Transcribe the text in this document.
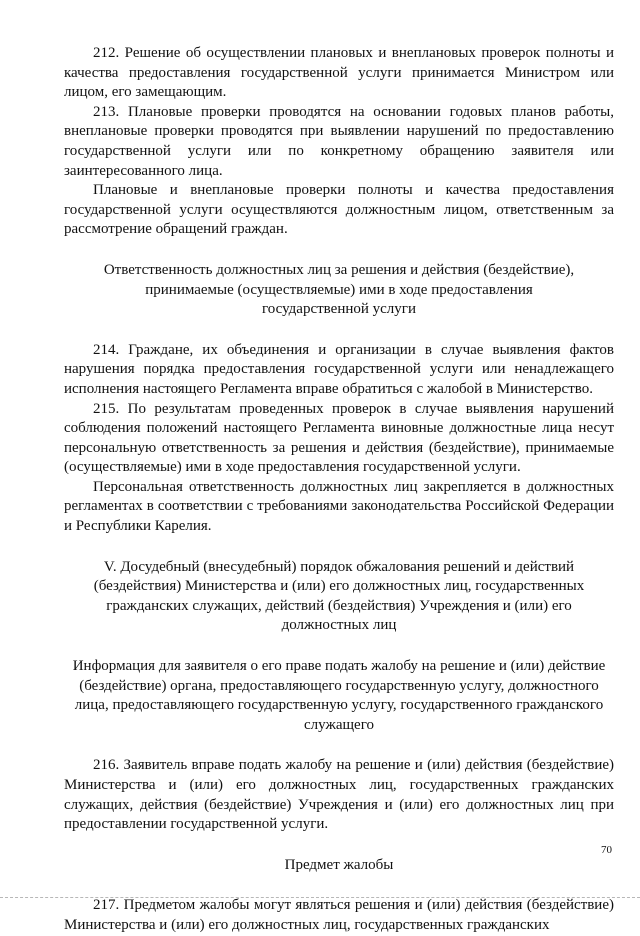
212. Решение об осуществлении плановых и внеплановых проверок полноты и качества предоставления государственной услуги принимается Министром или лицом, его замещающим.

213. Плановые проверки проводятся на основании годовых планов работы, внеплановые проверки проводятся при выявлении нарушений по предоставлению государственной услуги или по конкретному обращению заявителя или заинтересованного лица.

Плановые и внеплановые проверки полноты и качества предоставления государственной услуги осуществляются должностным лицом, ответственным за рассмотрение обращений граждан.

Ответственность должностных лиц за решения и действия (бездействие), принимаемые (осуществляемые) ими в ходе предоставления государственной услуги

214. Граждане, их объединения и организации в случае выявления фактов нарушения порядка предоставления государственной услуги или ненадлежащего исполнения настоящего Регламента вправе обратиться с жалобой в Министерство.

215. По результатам проведенных проверок в случае выявления нарушений соблюдения положений настоящего Регламента виновные должностные лица несут персональную ответственность за решения и действия (бездействие), принимаемые (осуществляемые) ими в ходе предоставления государственной услуги.

Персональная ответственность должностных лиц закрепляется в должностных регламентах в соответствии с требованиями законодательства Российской Федерации и Республики Карелия.

V. Досудебный (внесудебный) порядок обжалования решений и действий (бездействия) Министерства и (или) его должностных лиц, государственных гражданских служащих, действий (бездействия) Учреждения и (или) его должностных лиц

Информация для заявителя о его праве подать жалобу на решение и (или) действие (бездействие) органа, предоставляющего государственную услугу, должностного лица, предоставляющего государственную услугу, государственного гражданского служащего

216. Заявитель вправе подать жалобу на решение и (или) действия (бездействие) Министерства и (или) его должностных лиц, государственных гражданских служащих, действия (бездействие) Учреждения и (или) его должностных лиц при предоставлении государственной услуги.

Предмет жалобы

217. Предметом жалобы могут являться решения и (или) действия (бездействие) Министерства и (или) его должностных лиц, государственных гражданских

70
